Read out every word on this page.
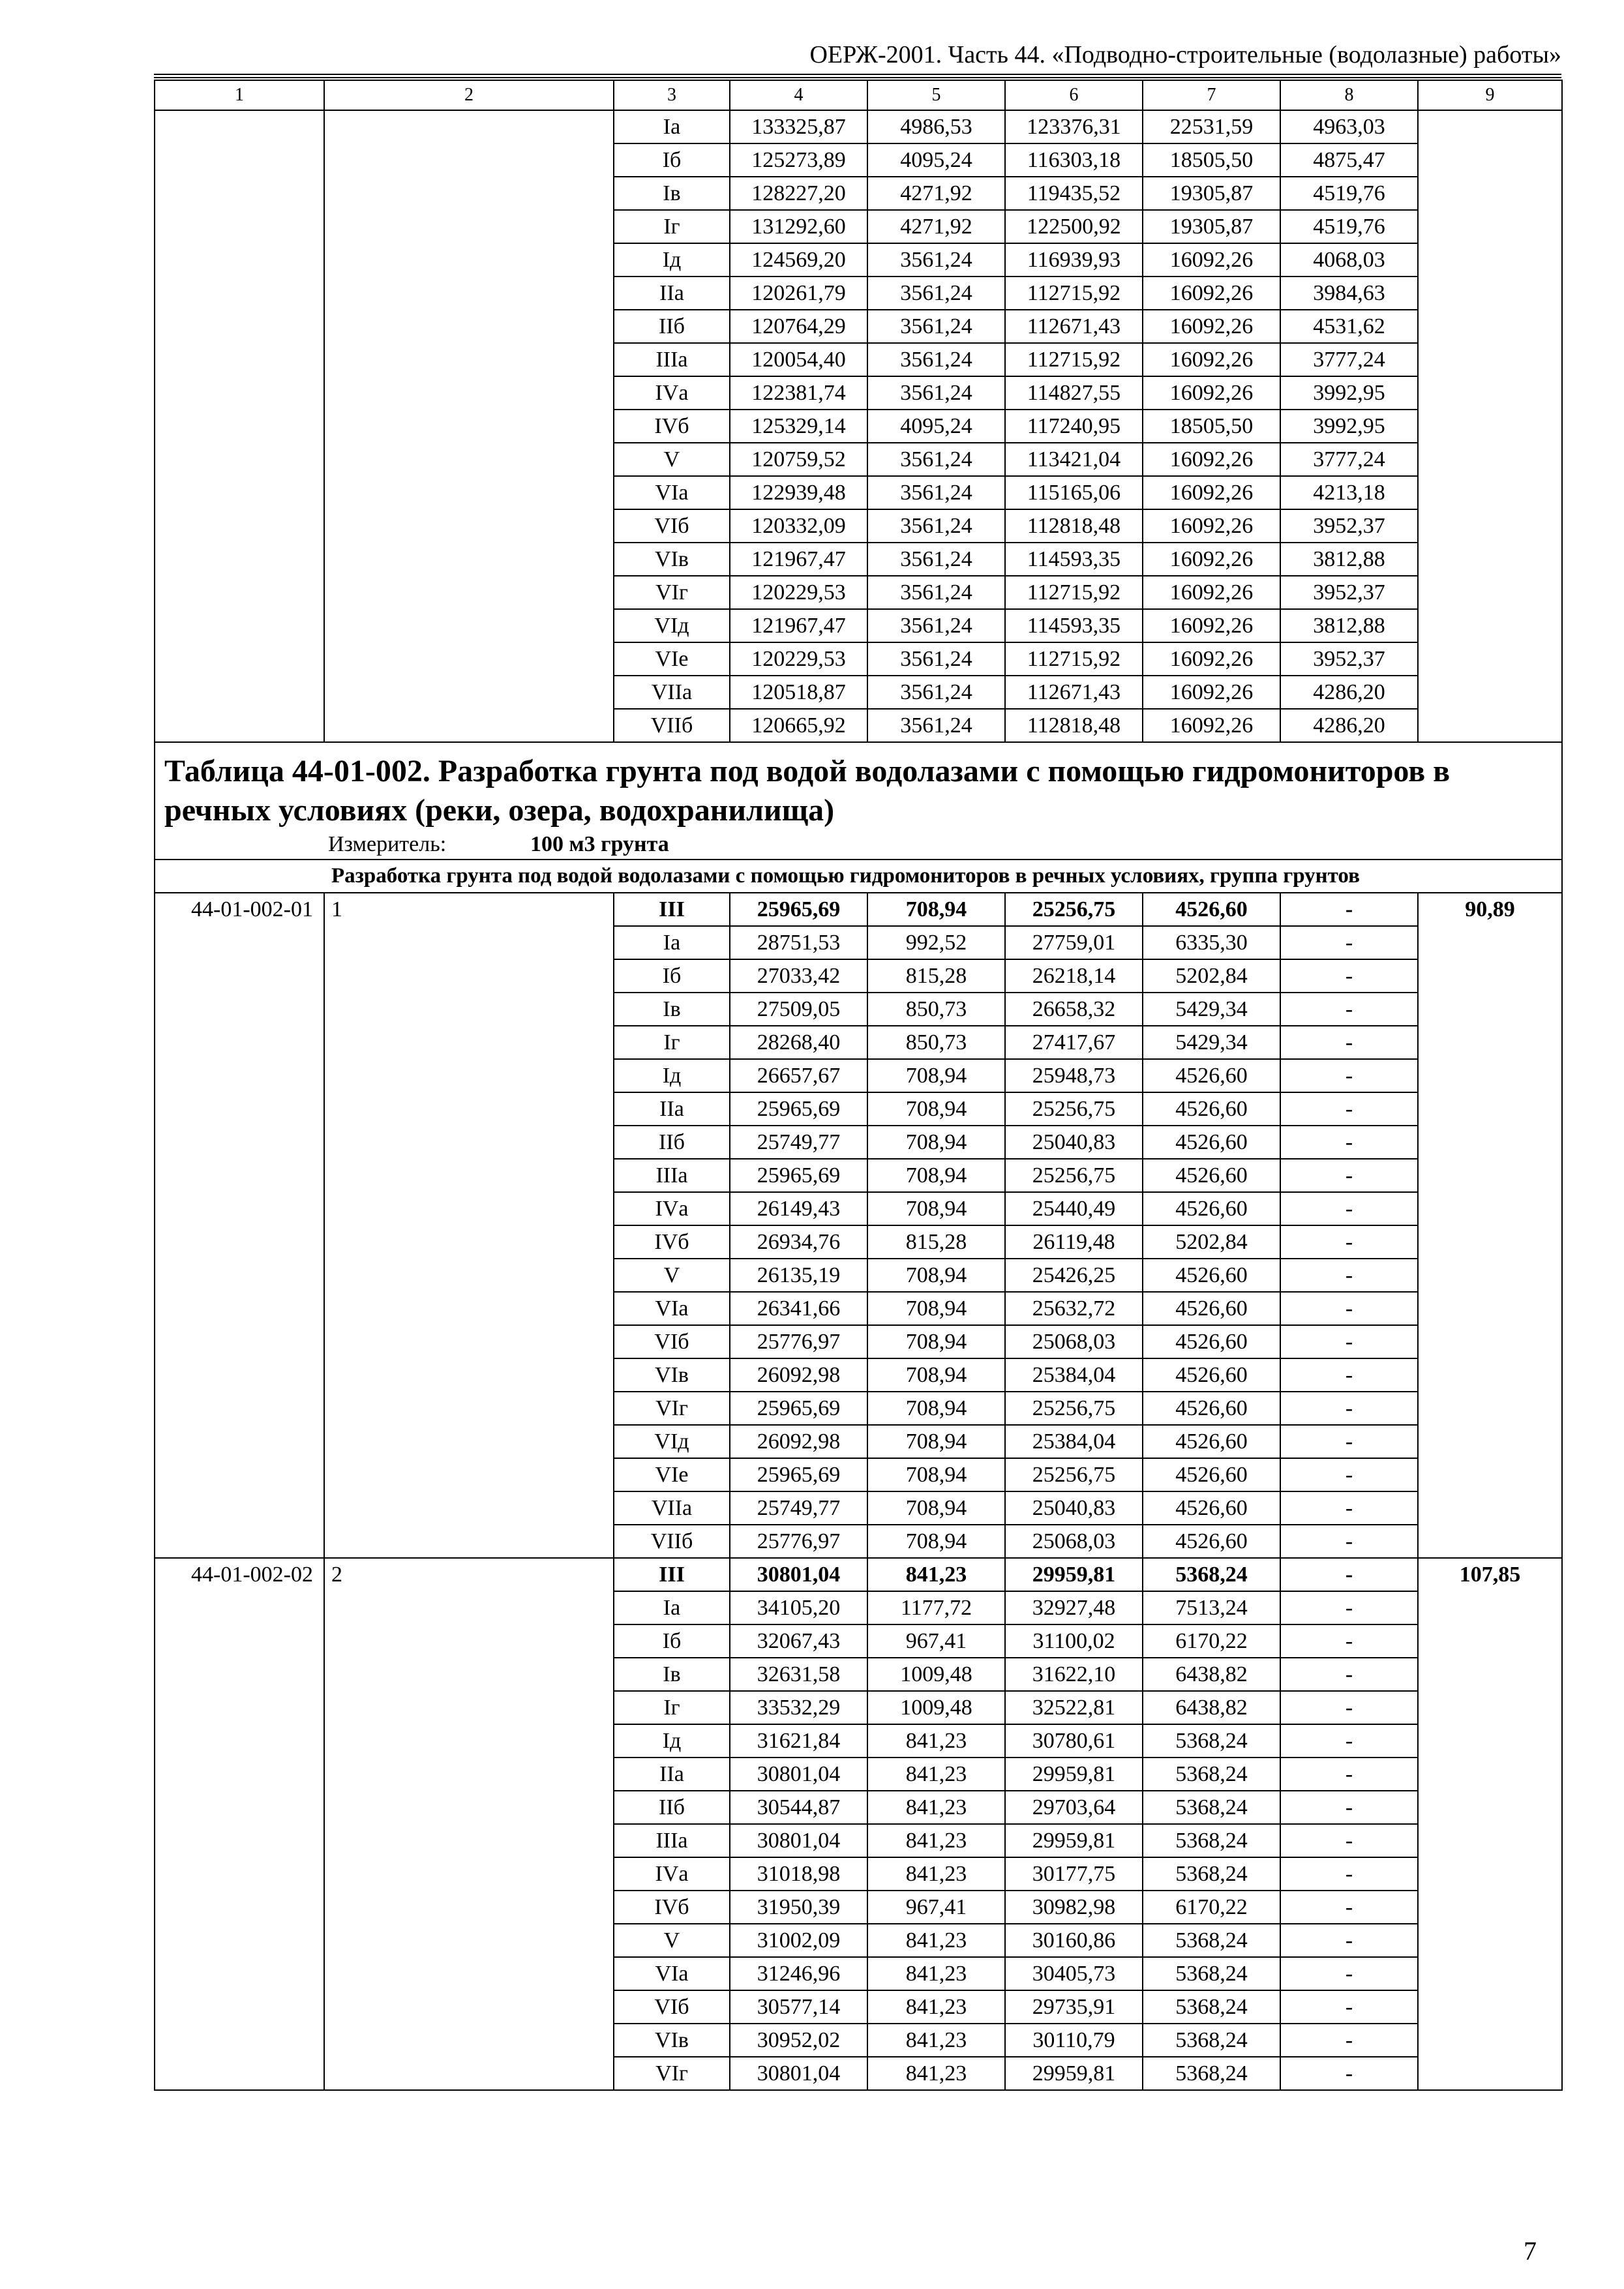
ОЕРЖ-2001. Часть 44. «Подводно-строительные (водолазные) работы»
1	2	3	4	5	6	7	8	9
		Iа	133325,87	4986,53	123376,31	22531,59	4963,03	
		Iб	125273,89	4095,24	116303,18	18505,50	4875,47	
		Iв	128227,20	4271,92	119435,52	19305,87	4519,76	
		Iг	131292,60	4271,92	122500,92	19305,87	4519,76	
		Iд	124569,20	3561,24	116939,93	16092,26	4068,03	
		IIа	120261,79	3561,24	112715,92	16092,26	3984,63	
		IIб	120764,29	3561,24	112671,43	16092,26	4531,62	
		IIIа	120054,40	3561,24	112715,92	16092,26	3777,24	
		IVа	122381,74	3561,24	114827,55	16092,26	3992,95	
		IVб	125329,14	4095,24	117240,95	18505,50	3992,95	
		V	120759,52	3561,24	113421,04	16092,26	3777,24	
		VIа	122939,48	3561,24	115165,06	16092,26	4213,18	
		VIб	120332,09	3561,24	112818,48	16092,26	3952,37	
		VIв	121967,47	3561,24	114593,35	16092,26	3812,88	
		VIг	120229,53	3561,24	112715,92	16092,26	3952,37	
		VIд	121967,47	3561,24	114593,35	16092,26	3812,88	
		VIе	120229,53	3561,24	112715,92	16092,26	3952,37	
		VIIа	120518,87	3561,24	112671,43	16092,26	4286,20	
		VIIб	120665,92	3561,24	112818,48	16092,26	4286,20	
Таблица 44-01-002. Разработка грунта под водой водолазами с помощью гидромониторов в речных условиях (реки, озера, водохранилища)								
Измеритель: 100 м3 грунта								
Разработка грунта под водой водолазами с помощью гидромониторов в речных условиях, группа грунтов								
44-01-002-01	1	III	25965,69	708,94	25256,75	4526,60	-	90,89
		Iа	28751,53	992,52	27759,01	6335,30	-	
		Iб	27033,42	815,28	26218,14	5202,84	-	
		Iв	27509,05	850,73	26658,32	5429,34	-	
		Iг	28268,40	850,73	27417,67	5429,34	-	
		Iд	26657,67	708,94	25948,73	4526,60	-	
		IIа	25965,69	708,94	25256,75	4526,60	-	
		IIб	25749,77	708,94	25040,83	4526,60	-	
		IIIа	25965,69	708,94	25256,75	4526,60	-	
		IVа	26149,43	708,94	25440,49	4526,60	-	
		IVб	26934,76	815,28	26119,48	5202,84	-	
		V	26135,19	708,94	25426,25	4526,60	-	
		VIа	26341,66	708,94	25632,72	4526,60	-	
		VIб	25776,97	708,94	25068,03	4526,60	-	
		VIв	26092,98	708,94	25384,04	4526,60	-	
		VIг	25965,69	708,94	25256,75	4526,60	-	
		VIд	26092,98	708,94	25384,04	4526,60	-	
		VIе	25965,69	708,94	25256,75	4526,60	-	
		VIIа	25749,77	708,94	25040,83	4526,60	-	
		VIIб	25776,97	708,94	25068,03	4526,60	-	
44-01-002-02	2	III	30801,04	841,23	29959,81	5368,24	-	107,85
		Iа	34105,20	1177,72	32927,48	7513,24	-	
		Iб	32067,43	967,41	31100,02	6170,22	-	
		Iв	32631,58	1009,48	31622,10	6438,82	-	
		Iг	33532,29	1009,48	32522,81	6438,82	-	
		Iд	31621,84	841,23	30780,61	5368,24	-	
		IIа	30801,04	841,23	29959,81	5368,24	-	
		IIб	30544,87	841,23	29703,64	5368,24	-	
		IIIа	30801,04	841,23	29959,81	5368,24	-	
		IVа	31018,98	841,23	30177,75	5368,24	-	
		IVб	31950,39	967,41	30982,98	6170,22	-	
		V	31002,09	841,23	30160,86	5368,24	-	
		VIа	31246,96	841,23	30405,73	5368,24	-	
		VIб	30577,14	841,23	29735,91	5368,24	-	
		VIв	30952,02	841,23	30110,79	5368,24	-	
		VIг	30801,04	841,23	29959,81	5368,24	-	
7
